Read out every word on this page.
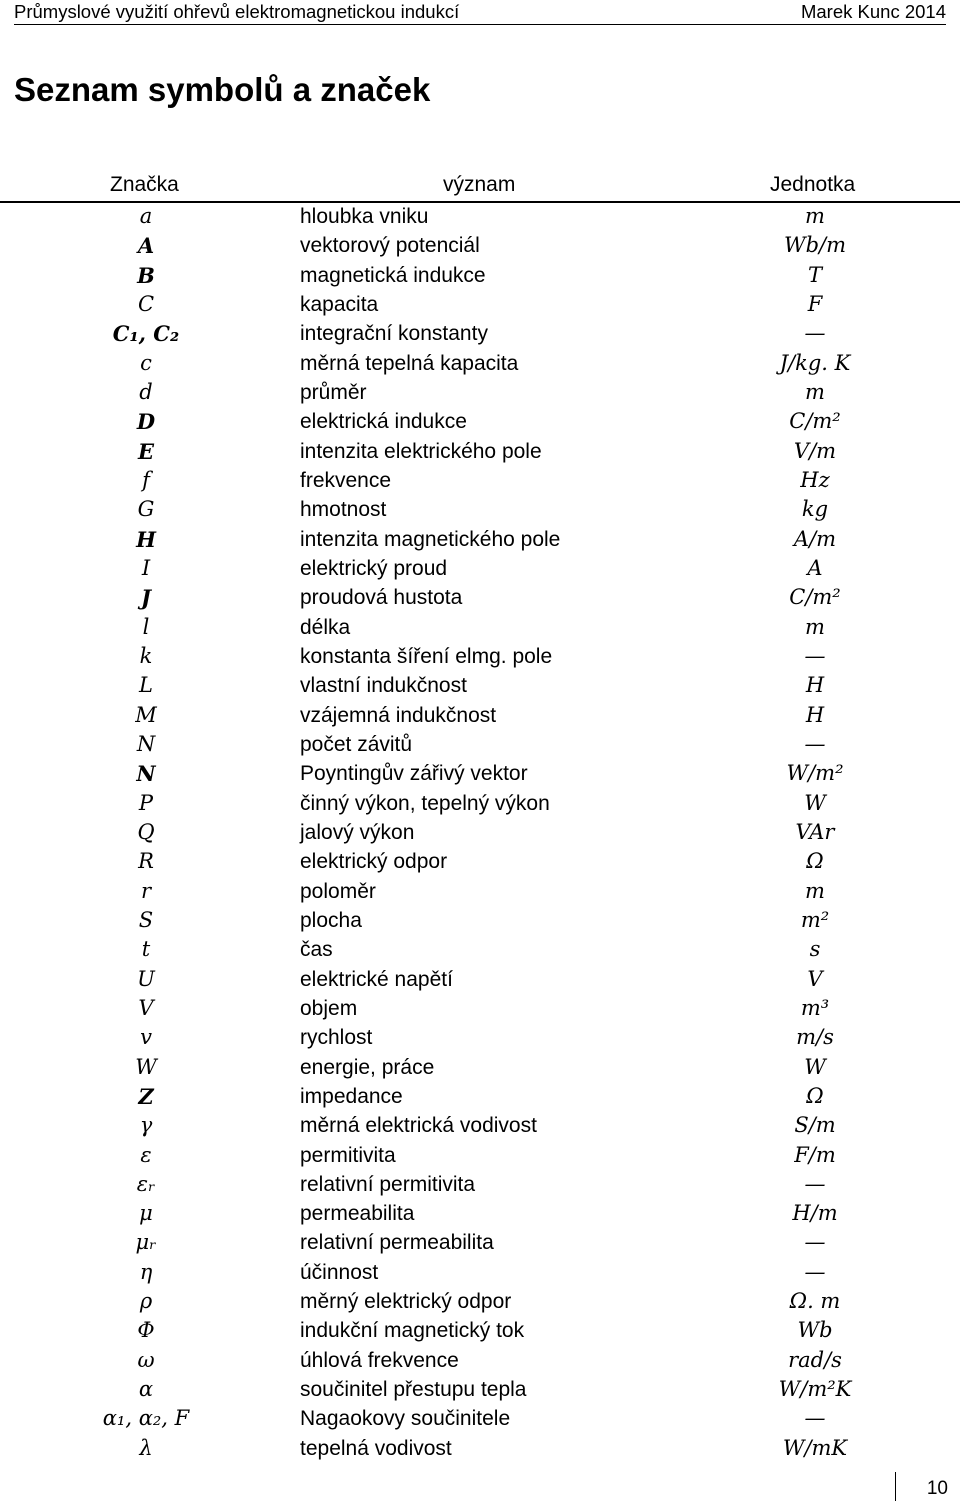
Průmyslové využití ohřevů elektromagnetickou indukcí	Marek Kunc 2014
Seznam symbolů a značek
Značka	význam	Jednotka
a	hloubka vniku	m
A	vektorový potenciál	Wb/m
B	magnetická indukce	T
C	kapacita	F
C₁, C₂	integrační konstanty	—
c	měrná tepelná kapacita	J/kg. K
d	průměr	m
D	elektrická indukce	C/m²
E	intenzita elektrického pole	V/m
f	frekvence	Hz
G	hmotnost	kg
H	intenzita magnetického pole	A/m
I	elektrický proud	A
J	proudová hustota	C/m²
l	délka	m
k	konstanta šíření elmg. pole	—
L	vlastní indukčnost	H
M	vzájemná indukčnost	H
N	počet závitů	—
N	Poyntingův zářivý vektor	W/m²
P	činný výkon, tepelný výkon	W
Q	jalový výkon	VAr
R	elektrický odpor	Ω
r	poloměr	m
S	plocha	m²
t	čas	s
U	elektrické napětí	V
V	objem	m³
v	rychlost	m/s
W	energie, práce	W
Z	impedance	Ω
γ	měrná elektrická vodivost	S/m
ε	permitivita	F/m
εᵣ	relativní permitivita	—
μ	permeabilita	H/m
μᵣ	relativní permeabilita	—
η	účinnost	—
ρ	měrný elektrický odpor	Ω. m
Φ	indukční magnetický tok	Wb
ω	úhlová frekvence	rad/s
α	součinitel přestupu tepla	W/m²K
α₁, α₂, F	Nagaokovy součinitele	—
λ	tepelná vodivost	W/mK
10
